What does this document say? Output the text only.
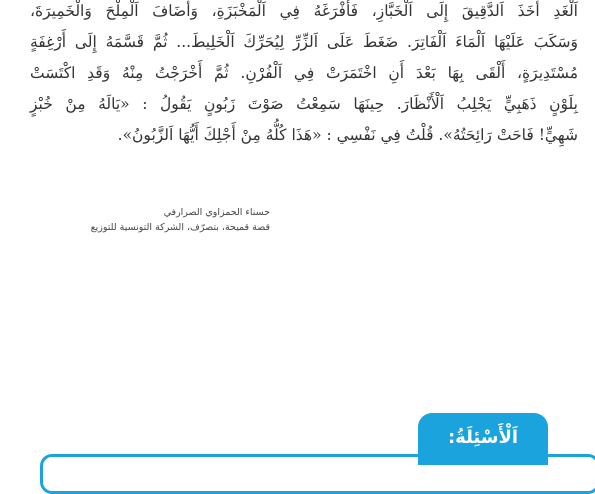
اَلْغَدِ أَخَذَ اَلدَّقِيقَ إِلَى اَلْخَبَّازِ، فَأَفْرَغَهُ فِي اَلْمَخْبَزَةِ، وَأَضَافَ اَلْمِلْحَ وَالْخَمِيرَةَ،

وَسَكَبَ عَلَيْهَا اَلْمَاءَ اَلْفَاتِرَ. ضَغَطَ عَلَى اَلزِّرِّ لِيُحَرِّكَ اَلْخَلِيطَ... ثُمَّ قَسَّمَهُ إِلَى أَرْغِفَةٍ

مُسْتَدِيرَةٍ، أَلْقَى بِهَا بَعْدَ أَنِ اخْتَمَرَتْ فِي اَلْفُرْنِ. ثُمَّ أَخْرَجْتُ مِنْهُ وَقَدِ اكْتَسَتْ

بِلَوْنٍ ذَهَبِيٍّ يَجْلِبُ اَلْأَنْظَارَ. حِينَهَا سَمِعْتُ صَوْتَ زَبُونٍ يَقُولُ : «يَالَهُ مِنْ خُبْزٍ

شَهِيٍّ! فَاحَتْ رَائِحَتُهُ». قُلْتُ فِي نَفْسِي : «هَذَا كُلُّهُ مِنْ أَجْلِكَ أَيُّهَا اَلزَّبُونُ».

حسناء الحمزاوي الصرارفي
قصة قميحة، بتصرّف، الشركة التونسية للتوزيع
اَلْأَسْئِلَةُ:
